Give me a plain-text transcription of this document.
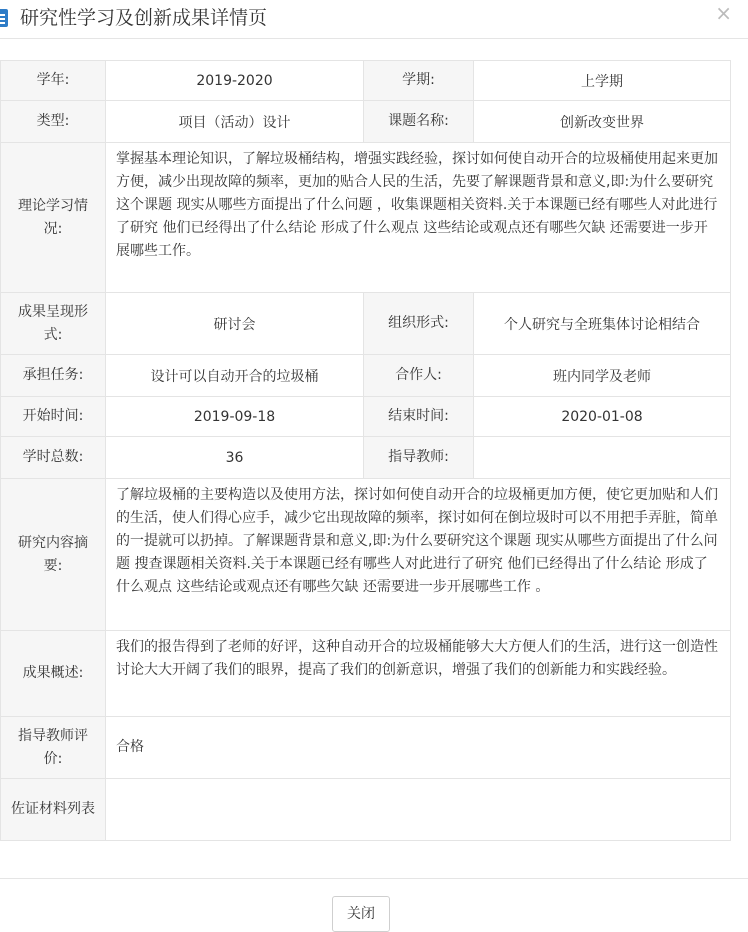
研究性学习及创新成果详情页	×
学年:	2019-2020	学期:	上学期
类型:	项目（活动）设计	课题名称:	创新改变世界
理论学习情况:	掌握基本理论知识，了解垃圾桶结构，增强实践经验，探讨如何使自动开合的垃圾桶使用起来更加方便，减少出现故障的频率，更加的贴合人民的生活，先要了解课题背景和意义,即:为什么要研究这个课题 现实从哪些方面提出了什么问题 ，收集课题相关资料.关于本课题已经有哪些人对此进行了研究 他们已经得出了什么结论 形成了什么观点 这些结论或观点还有哪些欠缺 还需要进一步开展哪些工作。		
成果呈现形式:	研讨会	组织形式:	个人研究与全班集体讨论相结合
承担任务:	设计可以自动开合的垃圾桶	合作人:	班内同学及老师
开始时间:	2019-09-18	结束时间:	2020-01-08
学时总数:	36	指导教师:	
研究内容摘要:	了解垃圾桶的主要构造以及使用方法，探讨如何使自动开合的垃圾桶更加方便，使它更加贴和人们的生活，使人们得心应手，减少它出现故障的频率，探讨如何在倒垃圾时可以不用把手弄脏，简单的一提就可以扔掉。了解课题背景和意义,即:为什么要研究这个课题 现实从哪些方面提出了什么问题 搜查课题相关资料.关于本课题已经有哪些人对此进行了研究 他们已经得出了什么结论 形成了什么观点 这些结论或观点还有哪些欠缺 还需要进一步开展哪些工作 。		
成果概述:	我们的报告得到了老师的好评，这种自动开合的垃圾桶能够大大方便人们的生活，进行这一创造性讨论大大开阔了我们的眼界，提高了我们的创新意识，增强了我们的创新能力和实践经验。		
指导教师评价:	合格		
佐证材料列表			
关闭
